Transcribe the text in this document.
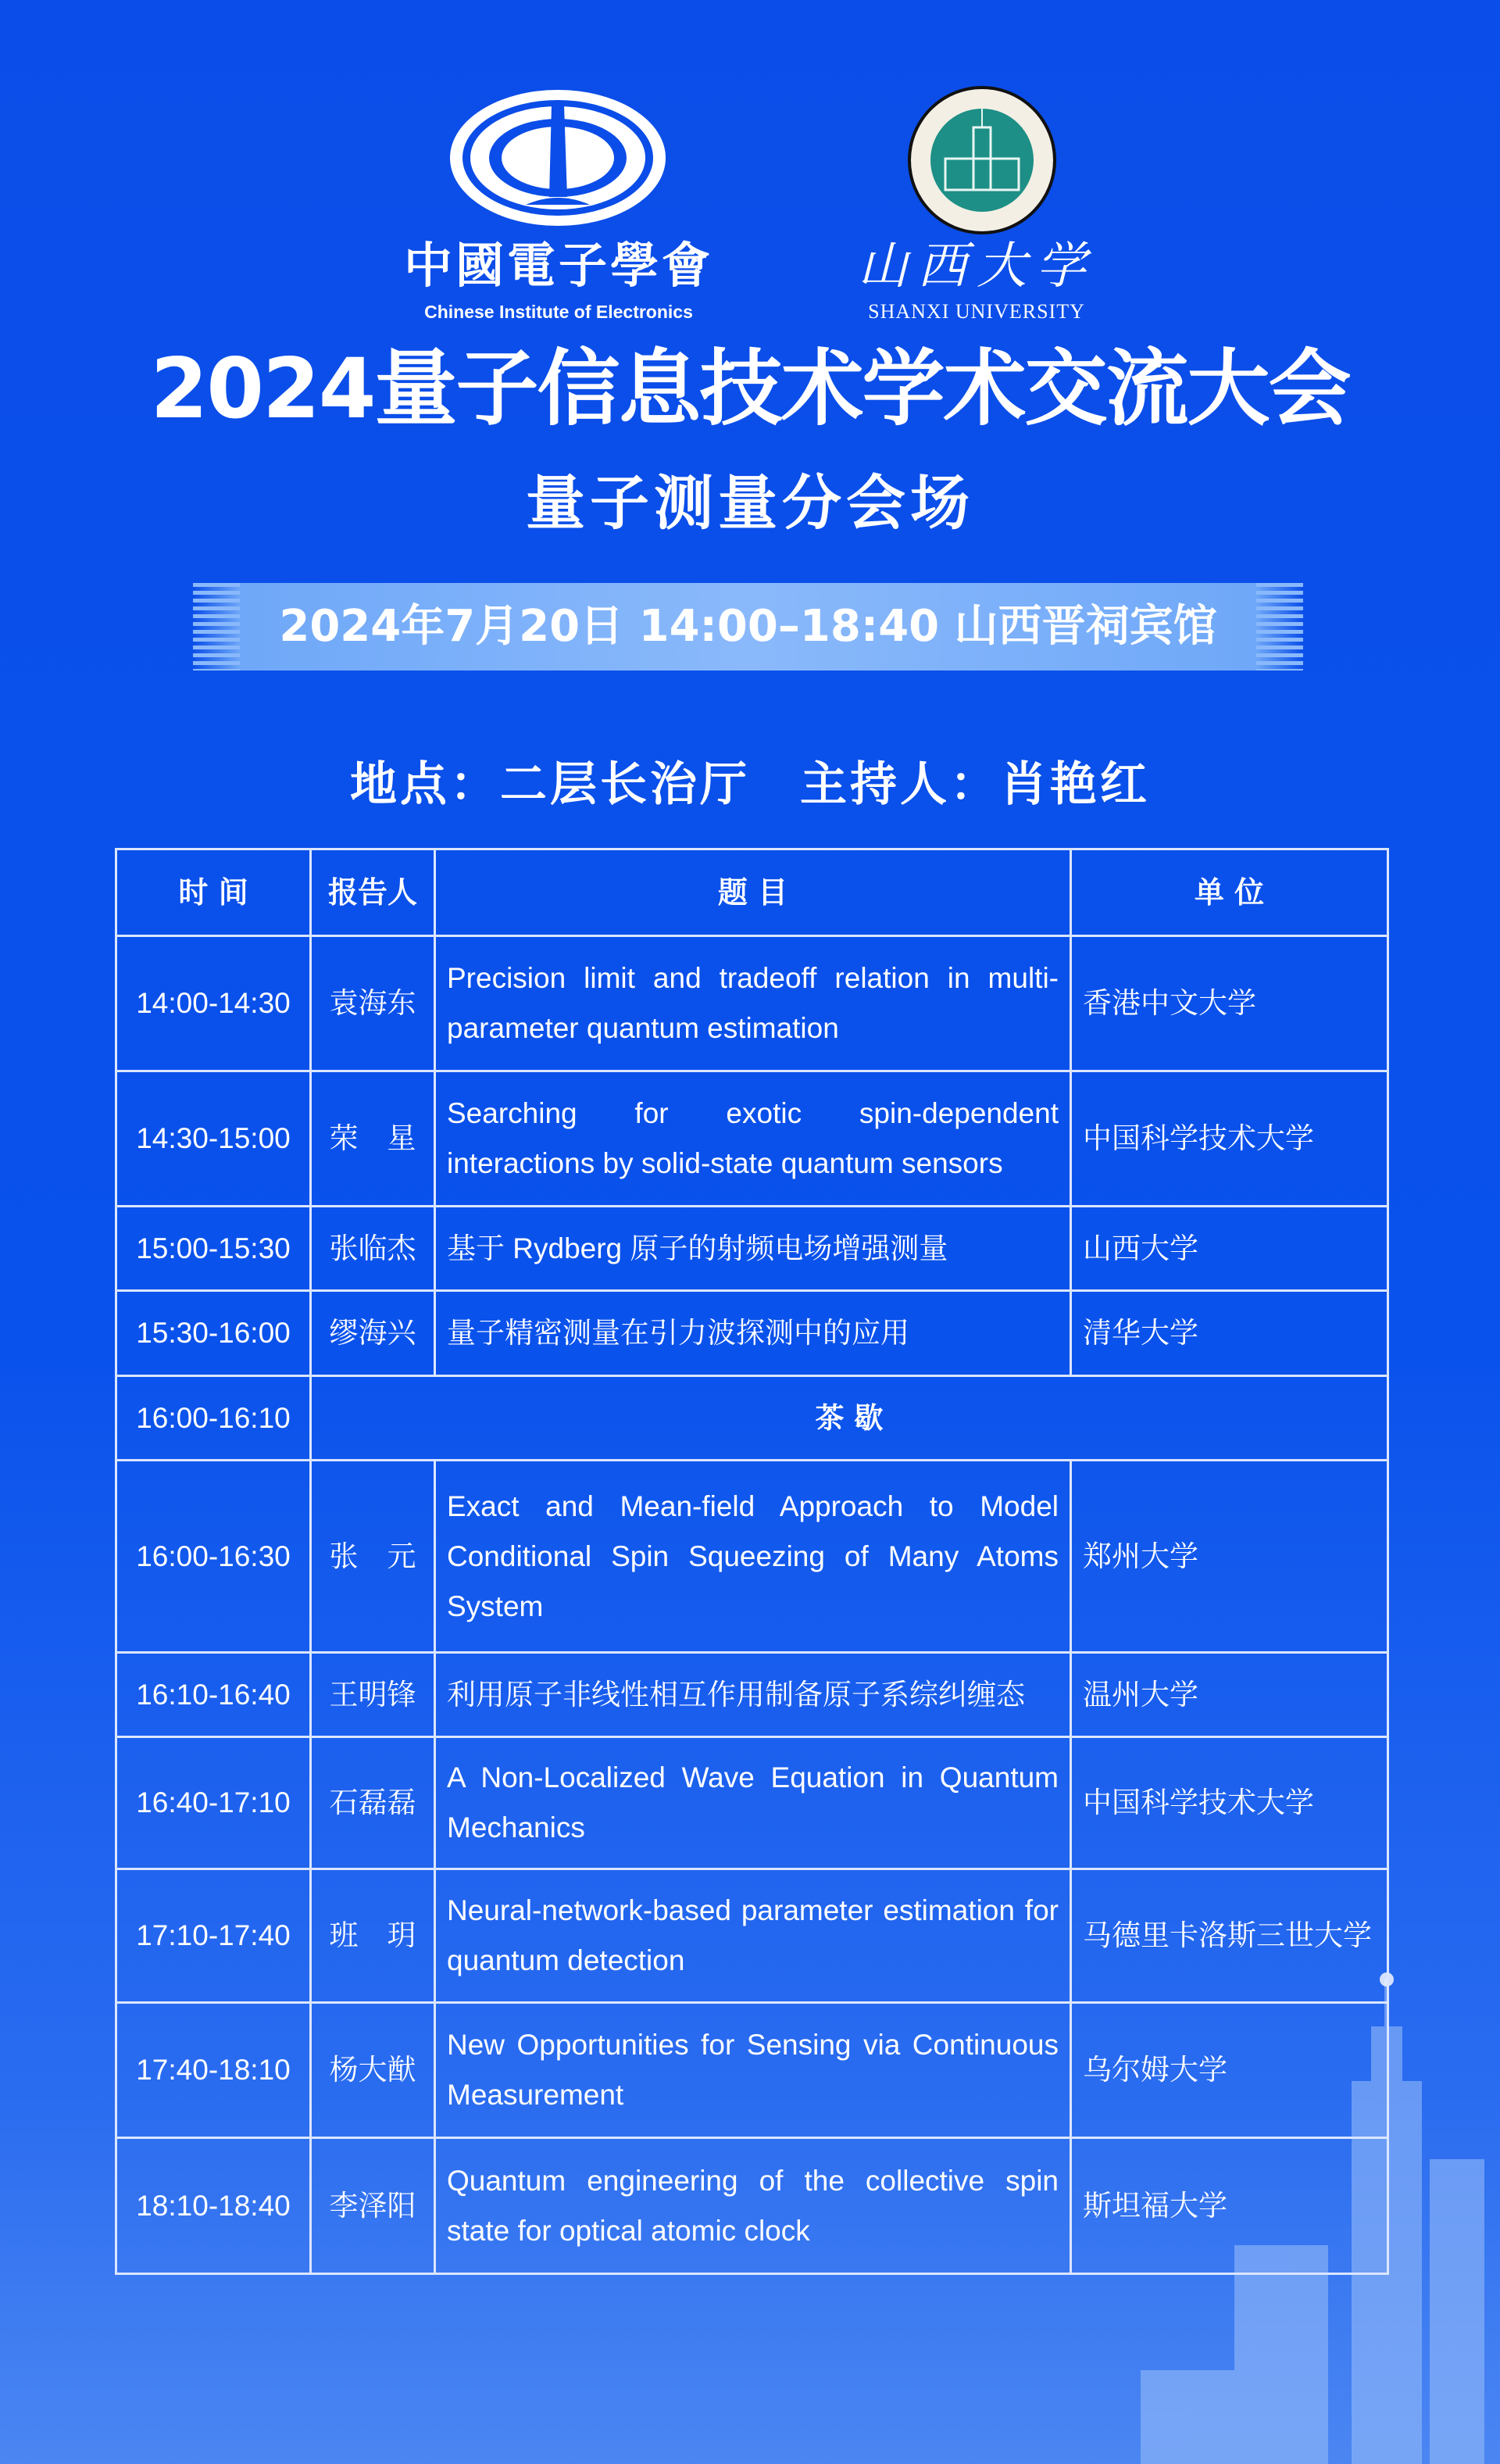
中國電子學會
Chinese Institute of Electronics
山西大学
SHANXI UNIVERSITY
2024量子信息技术学术交流大会
量子测量分会场
2024年7月20日 14:00–18:40 山西晋祠宾馆
地点：二层长治厅　主持人：肖艳红
时 间	报告人	题 目	单 位
14:00-14:30	袁海东	Precision limit and tradeoff relation in multi-parameter quantum estimation	香港中文大学
14:30-15:00	荣　星	Searching for exotic spin-dependent interactions by solid-state quantum sensors	中国科学技术大学
15:00-15:30	张临杰	基于 Rydberg 原子的射频电场增强测量	山西大学
15:30-16:00	缪海兴	量子精密测量在引力波探测中的应用	清华大学
16:00-16:10	茶 歇		
16:00-16:30	张　元	Exact and Mean-field Approach to Model Conditional Spin Squeezing of Many Atoms System	郑州大学
16:10-16:40	王明锋	利用原子非线性相互作用制备原子系综纠缠态	温州大学
16:40-17:10	石磊磊	A Non-Localized Wave Equation in Quantum Mechanics	中国科学技术大学
17:10-17:40	班　玥	Neural-network-based parameter estimation for quantum detection	马德里卡洛斯三世大学
17:40-18:10	杨大猷	New Opportunities for Sensing via Continuous Measurement	乌尔姆大学
18:10-18:40	李泽阳	Quantum engineering of the collective spin state for optical atomic clock	斯坦福大学
